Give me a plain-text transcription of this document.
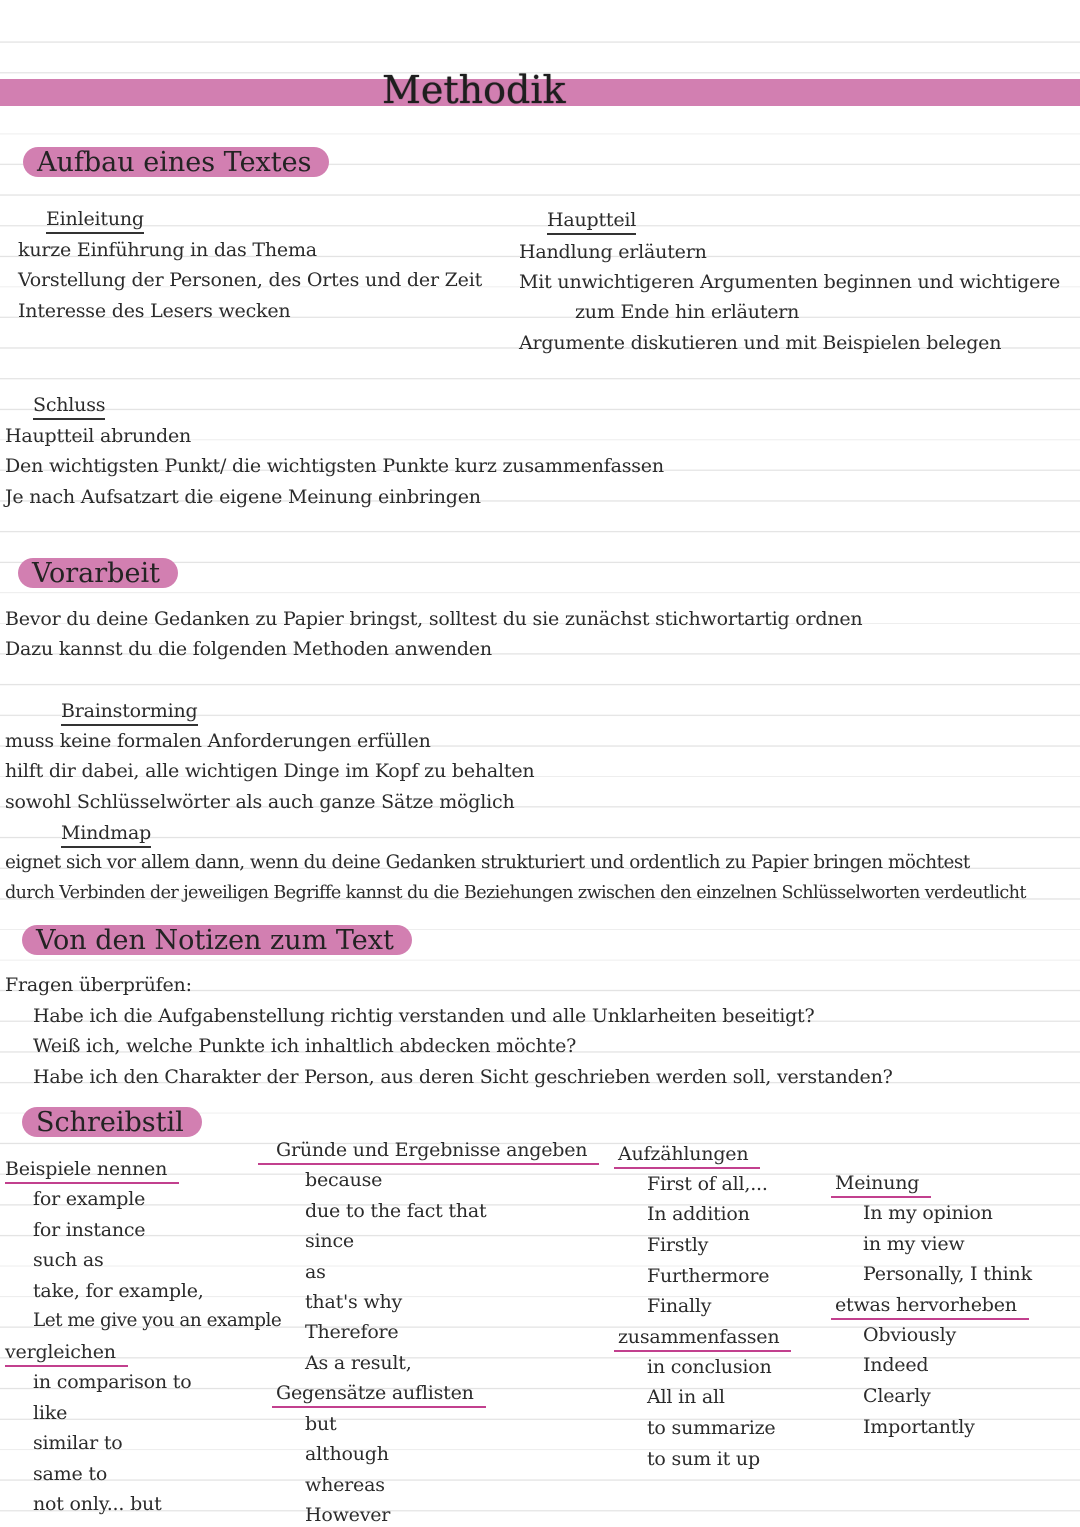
Methodik
Aufbau eines Textes
Einleitung
kurze Einführung in das Thema
Vorstellung der Personen, des Ortes und der Zeit
Interesse des Lesers wecken
Hauptteil
Handlung erläutern
Mit unwichtigeren Argumenten beginnen und wichtigere
zum Ende hin erläutern
Argumente diskutieren und mit Beispielen belegen
Schluss
Hauptteil abrunden
Den wichtigsten Punkt/ die wichtigsten Punkte kurz zusammenfassen
Je nach Aufsatzart die eigene Meinung einbringen
Vorarbeit
Bevor du deine Gedanken zu Papier bringst, solltest du sie zunächst stichwortartig ordnen
Dazu kannst du die folgenden Methoden anwenden
Brainstorming
muss keine formalen Anforderungen erfüllen
hilft dir dabei, alle wichtigen Dinge im Kopf zu behalten
sowohl Schlüsselwörter als auch ganze Sätze möglich
Mindmap
eignet sich vor allem dann, wenn du deine Gedanken strukturiert und ordentlich zu Papier bringen möchtest
durch Verbinden der jeweiligen Begriffe kannst du die Beziehungen zwischen den einzelnen Schlüsselworten verdeutlicht
Von den Notizen zum Text
Fragen überprüfen:
Habe ich die Aufgabenstellung richtig verstanden und alle Unklarheiten beseitigt?
Weiß ich, welche Punkte ich inhaltlich abdecken möchte?
Habe ich den Charakter der Person, aus deren Sicht geschrieben werden soll, verstanden?
Schreibstil
Beispiele nennen
for example
for instance
such as
take, for example,
Let me give you an example
vergleichen
in comparison to
like
similar to
same to
not only... but
Gründe und Ergebnisse angeben
because
due to the fact that
since
as
that's why
Therefore
As a result,
Gegensätze auflisten
but
although
whereas
However
Aufzählungen
First of all,...
In addition
Firstly
Furthermore
Finally
zusammenfassen
in conclusion
All in all
to summarize
to sum it up
Meinung
In my opinion
in my view
Personally, I think
etwas hervorheben
Obviously
Indeed
Clearly
Importantly
